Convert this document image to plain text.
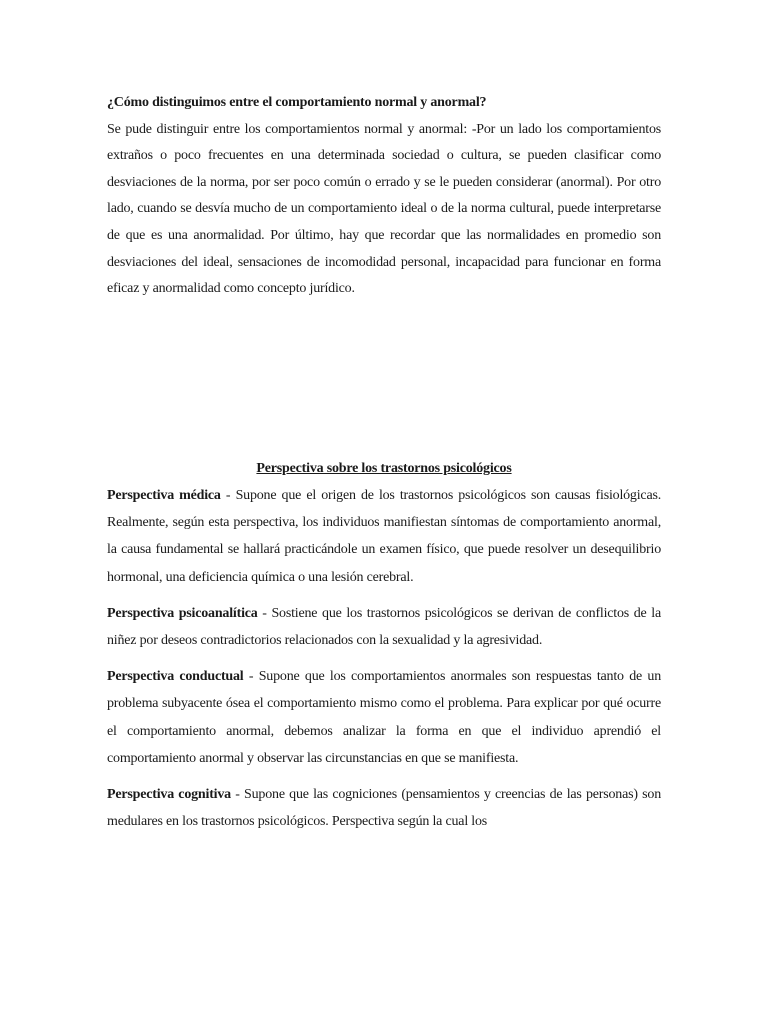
¿Cómo distinguimos entre el comportamiento normal y anormal?

Se pude distinguir entre los comportamientos normal y anormal: -Por un lado los comportamientos extraños o poco frecuentes en una determinada sociedad o cultura, se pueden clasificar como desviaciones de la norma, por ser poco común o errado y se le pueden considerar (anormal). Por otro lado, cuando se desvía mucho de un comportamiento ideal o de la norma cultural, puede interpretarse de que es una anormalidad. Por último, hay que recordar que las normalidades en promedio son desviaciones del ideal, sensaciones de incomodidad personal, incapacidad para funcionar en forma eficaz y anormalidad como concepto jurídico.

Perspectiva sobre los trastornos psicológicos

Perspectiva médica - Supone que el origen de los trastornos psicológicos son causas fisiológicas. Realmente, según esta perspectiva, los individuos manifiestan síntomas de comportamiento anormal, la causa fundamental se hallará practicándole un examen físico, que puede resolver un desequilibrio hormonal, una deficiencia química o una lesión cerebral.

Perspectiva psicoanalítica - Sostiene que los trastornos psicológicos se derivan de conflictos de la niñez por deseos contradictorios relacionados con la sexualidad y la agresividad.

Perspectiva conductual - Supone que los comportamientos anormales son respuestas tanto de un problema subyacente ósea el comportamiento mismo como el problema. Para explicar por qué ocurre el comportamiento anormal, debemos analizar la forma en que el individuo aprendió el comportamiento anormal y observar las circunstancias en que se manifiesta.

Perspectiva cognitiva - Supone que las cogniciones (pensamientos y creencias de las personas) son medulares en los trastornos psicológicos. Perspectiva según la cual los
